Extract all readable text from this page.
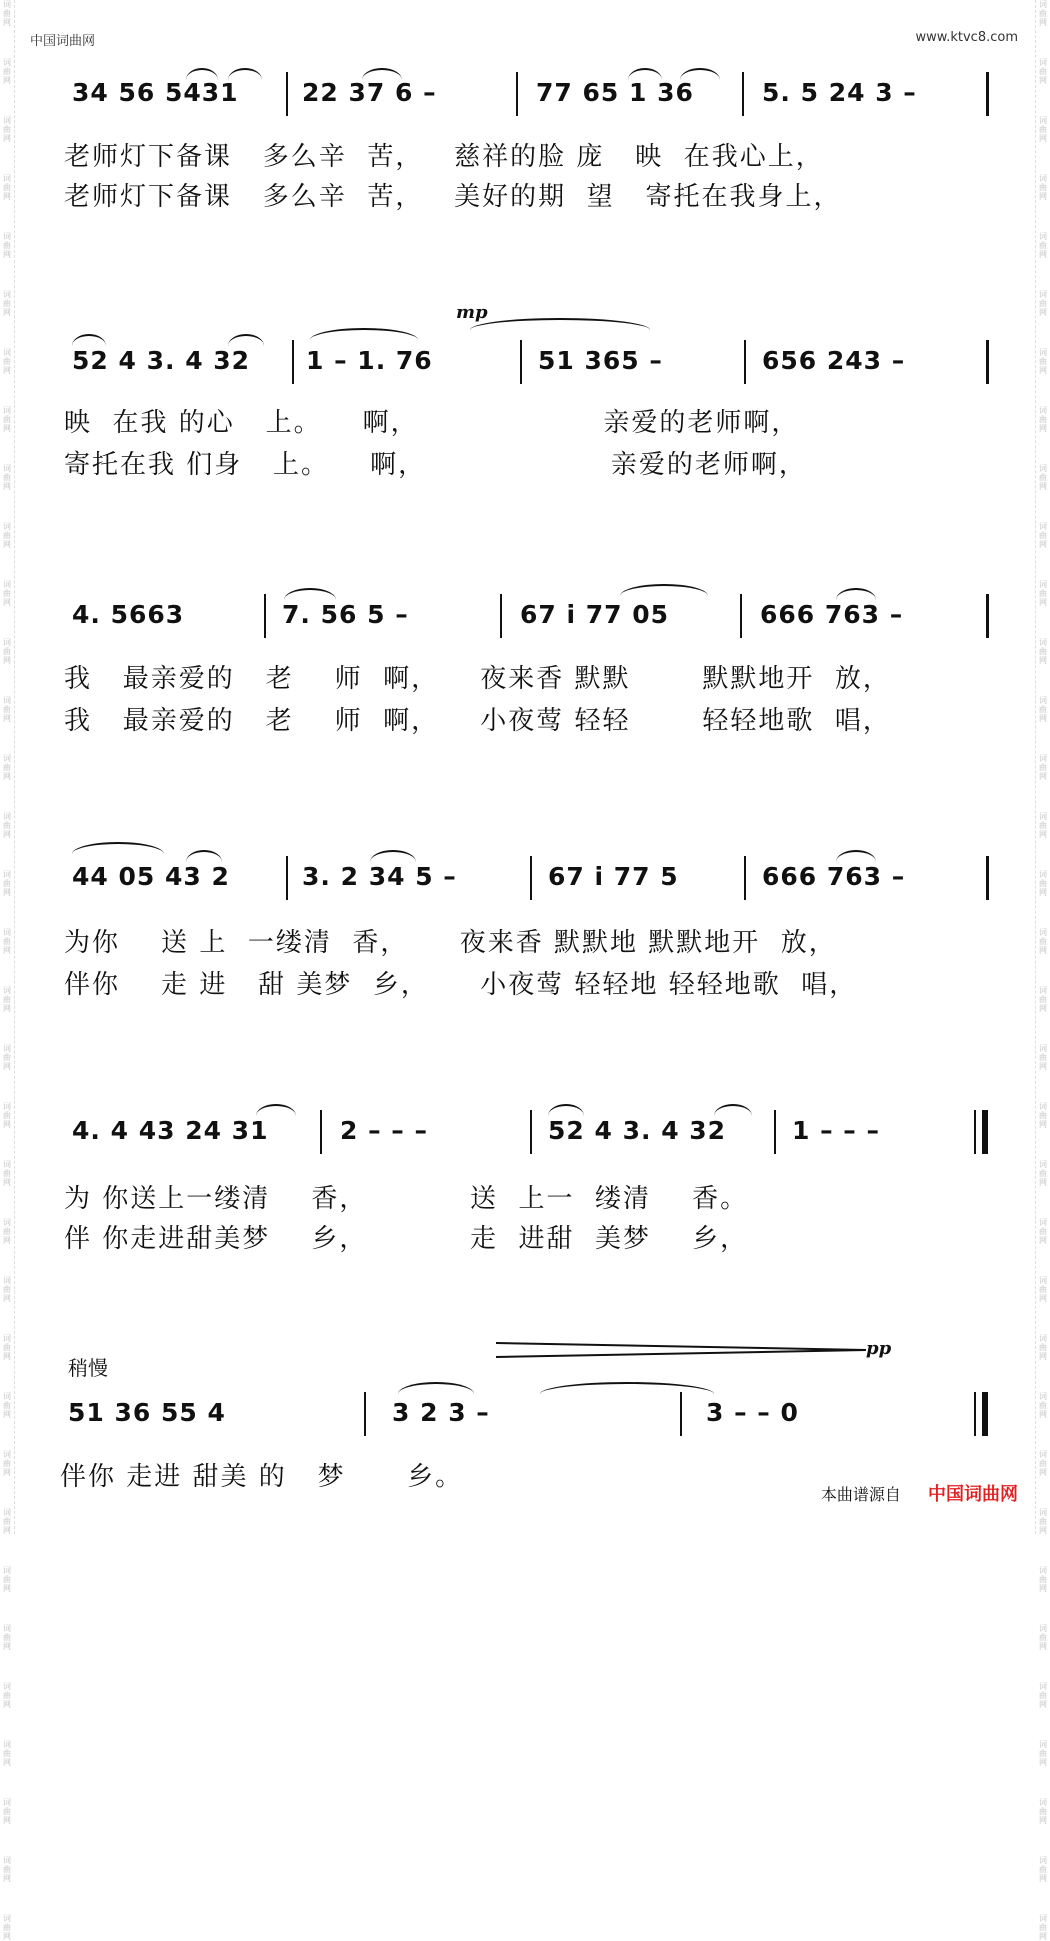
词曲网
词曲网
词曲网
词曲网
词曲网
词曲网
词曲网
词曲网
词曲网
词曲网
词曲网
词曲网
词曲网
词曲网
词曲网
词曲网
词曲网
词曲网
词曲网
词曲网
词曲网
词曲网
词曲网
词曲网
词曲网
词曲网
词曲网
词曲网
词曲网
词曲网
词曲网
词曲网
词曲网
词曲网
词曲网
词曲网
词曲网
词曲网
词曲网
词曲网
词曲网
词曲网
词曲网
词曲网
词曲网
词曲网
词曲网
词曲网
词曲网
词曲网
词曲网
词曲网
词曲网
词曲网
词曲网
词曲网
词曲网
词曲网
词曲网
词曲网
词曲网
词曲网
词曲网
词曲网
词曲网
词曲网
词曲网
词曲网
中国词曲网	www.ktvc8.com
34 56 5431	22 37 6 –	77 65 1 36	5. 5 24 3 –
老师灯下备课   多么辛  苦，   慈祥的脸 庞   映  在我心上，
老师灯下备课   多么辛  苦，   美好的期  望   寄托在我身上，
mp
52 4 3. 4 32	1 – 1. 76	51 365 –	656 243 –
映  在我 的心   上。    啊，                  亲爱的老师啊，
寄托在我 们身   上。    啊，                  亲爱的老师啊，
4. 5663	7. 56 5 –	67 i 77 05	666 763 –
我   最亲爱的   老    师  啊，    夜来香 默默       默默地开  放，
我   最亲爱的   老    师  啊，    小夜莺 轻轻       轻轻地歌  唱，
44 05 43 2	3. 2 34 5 –	67 i 77 5	666 763 –
为你    送 上  一缕清  香，     夜来香 默默地 默默地开  放，
伴你    走 进   甜 美梦  乡，     小夜莺 轻轻地 轻轻地歌  唱，
4. 4 43 24 31	2 – – –	52 4 3. 4 32	1 – – –
为 你送上一缕清    香，          送  上一  缕清    香。
伴 你走进甜美梦    乡，          走  进甜  美梦    乡，
稍慢
pp
51 36 55 4	3 2 3 –	3 – – 0
伴你 走进 甜美 的   梦      乡。
本曲谱源自 中国词曲网
